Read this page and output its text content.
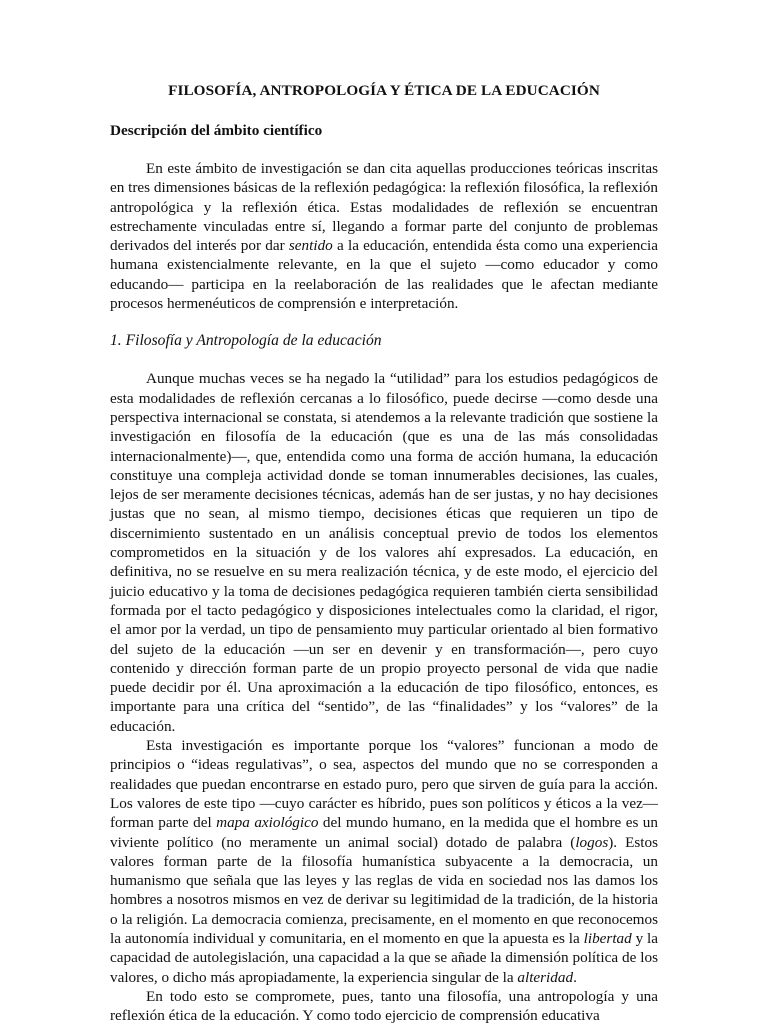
FILOSOFÍA, ANTROPOLOGÍA Y ÉTICA DE LA EDUCACIÓN
Descripción del ámbito científico

En este ámbito de investigación se dan cita aquellas producciones teóricas inscritas en tres dimensiones básicas de la reflexión pedagógica: la reflexión filosófica, la reflexión antropológica y la reflexión ética. Estas modalidades de reflexión se encuentran estrechamente vinculadas entre sí, llegando a formar parte del conjunto de problemas derivados del interés por dar sentido a la educación, entendida ésta como una experiencia humana existencialmente relevante, en la que el sujeto —como educador y como educando— participa en la reelaboración de las realidades que le afectan mediante procesos hermenéuticos de comprensión e interpretación.

1. Filosofía y Antropología de la educación

Aunque muchas veces se ha negado la “utilidad” para los estudios pedagógicos de esta modalidades de reflexión cercanas a lo filosófico, puede decirse —como desde una perspectiva internacional se constata, si atendemos a la relevante tradición que sostiene la investigación en filosofía de la educación (que es una de las más consolidadas internacionalmente)—, que, entendida como una forma de acción humana, la educación constituye una compleja actividad donde se toman innumerables decisiones, las cuales, lejos de ser meramente decisiones técnicas, además han de ser justas, y no hay decisiones justas que no sean, al mismo tiempo, decisiones éticas que requieren un tipo de discernimiento sustentado en un análisis conceptual previo de todos los elementos comprometidos en la situación y de los valores ahí expresados. La educación, en definitiva, no se resuelve en su mera realización técnica, y de este modo, el ejercicio del juicio educativo y la toma de decisiones pedagógica requieren también cierta sensibilidad formada por el tacto pedagógico y disposiciones intelectuales como la claridad, el rigor, el amor por la verdad, un tipo de pensamiento muy particular orientado al bien formativo del sujeto de la educación —un ser en devenir y en transformación—, pero cuyo contenido y dirección forman parte de un propio proyecto personal de vida que nadie puede decidir por él. Una aproximación a la educación de tipo filosófico, entonces, es importante para una crítica del “sentido”, de las “finalidades” y los “valores” de la educación.

Esta investigación es importante porque los “valores” funcionan a modo de principios o “ideas regulativas”, o sea, aspectos del mundo que no se corresponden a realidades que puedan encontrarse en estado puro, pero que sirven de guía para la acción. Los valores de este tipo —cuyo carácter es híbrido, pues son políticos y éticos a la vez— forman parte del mapa axiológico del mundo humano, en la medida que el hombre es un viviente político (no meramente un animal social) dotado de palabra (logos). Estos valores forman parte de la filosofía humanística subyacente a la democracia, un humanismo que señala que las leyes y las reglas de vida en sociedad nos las damos los hombres a nosotros mismos en vez de derivar su legitimidad de la tradición, de la historia o la religión. La democracia comienza, precisamente, en el momento en que reconocemos la autonomía individual y comunitaria, en el momento en que la apuesta es la libertad y la capacidad de autolegislación, una capacidad a la que se añade la dimensión política de los valores, o dicho más apropiadamente, la experiencia singular de la alteridad.

En todo esto se compromete, pues, tanto una filosofía, una antropología y una reflexión ética de la educación. Y como todo ejercicio de comprensión educativa
